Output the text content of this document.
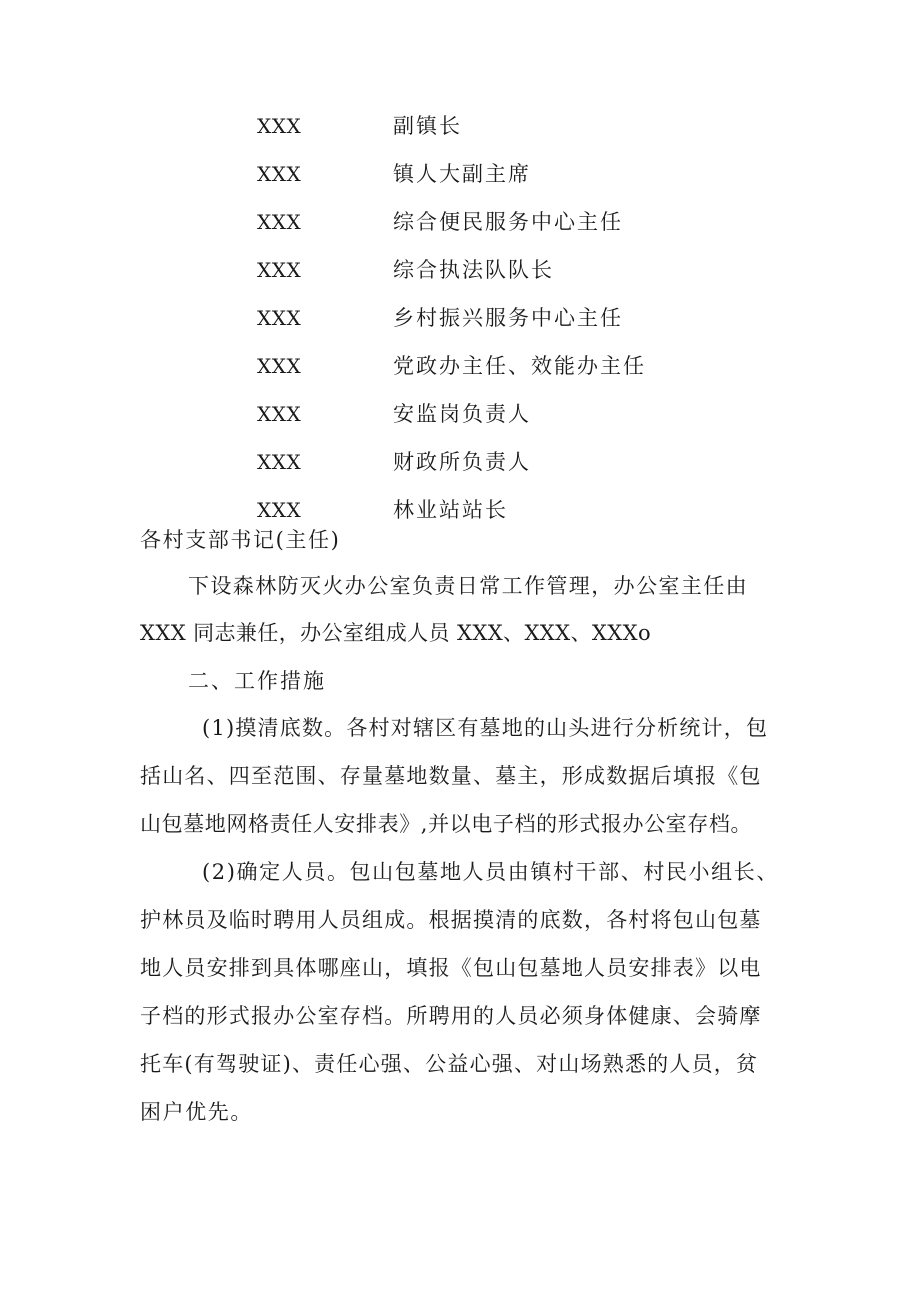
XXX	副镇长
XXX	镇人大副主席
XXX	综合便民服务中心主任
XXX	综合执法队队长
XXX	乡村振兴服务中心主任
XXX	党政办主任、效能办主任
XXX	安监岗负责人
XXX	财政所负责人
XXX	林业站站长
各村支部书记(主任)
下设森林防灭火办公室负责日常工作管理，办公室主任由
XXX 同志兼任，办公室组成人员 XXX、XXX、XXXo
二、工作措施
(1)摸清底数。各村对辖区有墓地的山头进行分析统计，包
括山名、四至范围、存量墓地数量、墓主，形成数据后填报《包
山包墓地网格责任人安排表》,并以电子档的形式报办公室存档。
(2)确定人员。包山包墓地人员由镇村干部、村民小组长、
护林员及临时聘用人员组成。根据摸清的底数，各村将包山包墓
地人员安排到具体哪座山，填报《包山包墓地人员安排表》以电
子档的形式报办公室存档。所聘用的人员必须身体健康、会骑摩
托车(有驾驶证)、责任心强、公益心强、对山场熟悉的人员，贫
困户优先。
